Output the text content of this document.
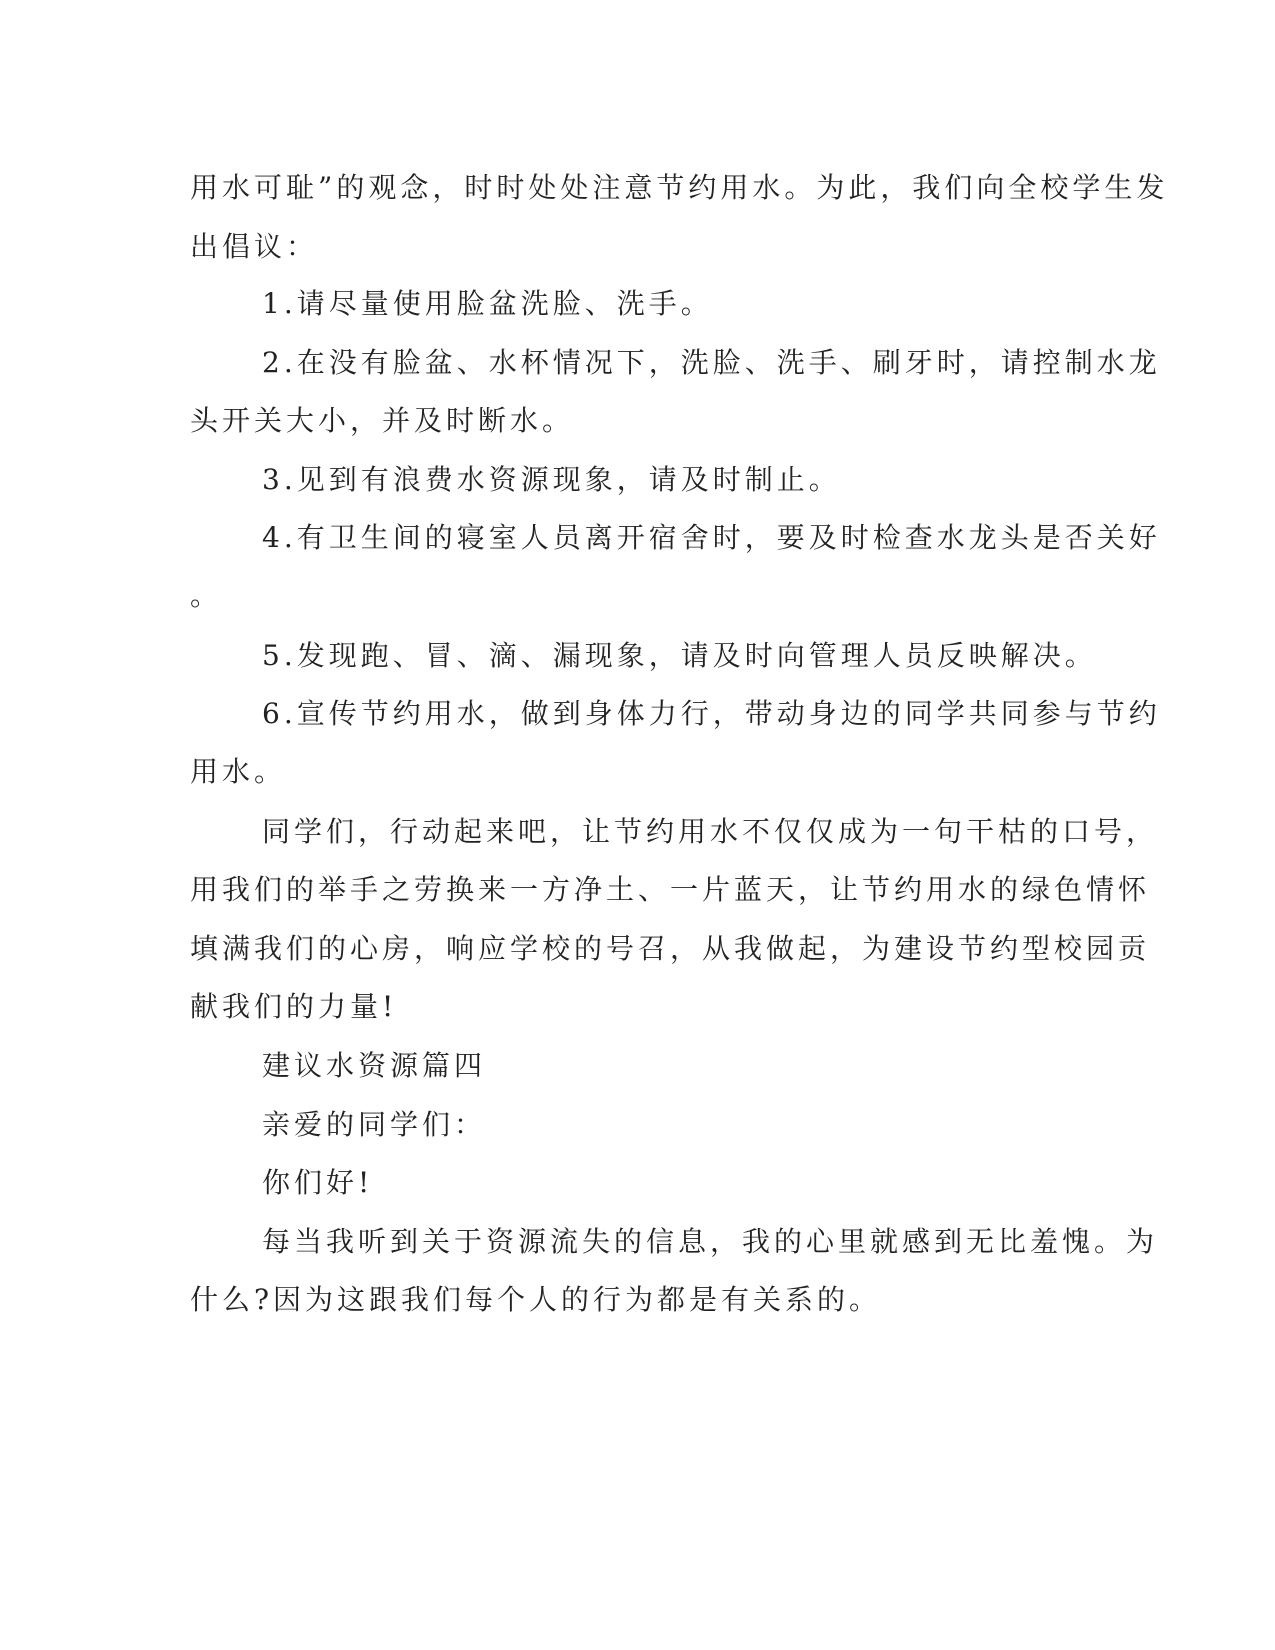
用水可耻”的观念，时时处处注意节约用水。为此，我们向全校学生发
出倡议：
1.请尽量使用脸盆洗脸、洗手。
2.在没有脸盆、水杯情况下，洗脸、洗手、刷牙时，请控制水龙
头开关大小，并及时断水。
3.见到有浪费水资源现象，请及时制止。
4.有卫生间的寝室人员离开宿舍时，要及时检查水龙头是否关好
。
5.发现跑、冒、滴、漏现象，请及时向管理人员反映解决。
6.宣传节约用水，做到身体力行，带动身边的同学共同参与节约
用水。
同学们，行动起来吧，让节约用水不仅仅成为一句干枯的口号，
用我们的举手之劳换来一方净土、一片蓝天，让节约用水的绿色情怀
填满我们的心房，响应学校的号召，从我做起，为建设节约型校园贡
献我们的力量!
建议水资源篇四
亲爱的同学们：
你们好!
每当我听到关于资源流失的信息，我的心里就感到无比羞愧。为
什么?因为这跟我们每个人的行为都是有关系的。
